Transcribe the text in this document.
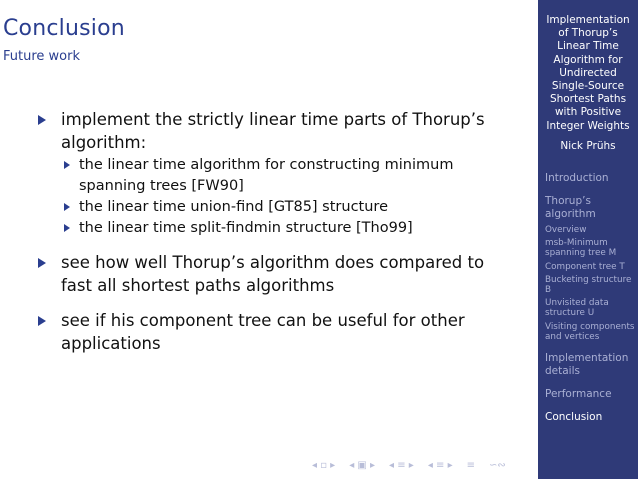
Conclusion
Future work
implement the strictly linear time parts of Thorup’s algorithm:
the linear time algorithm for constructing minimum spanning trees [FW90]
the linear time union-find [GT85] structure
the linear time split-findmin structure [Tho99]
see how well Thorup’s algorithm does compared to fast all shortest paths algorithms
see if his component tree can be useful for other applications
◂ ▫ ▸ ◂ ▣ ▸ ◂ ≡ ▸ ◂ ≡ ▸ ≡ ∽∾
Implementation of Thorup’s Linear Time Algorithm for Undirected Single-Source Shortest Paths with Positive Integer Weights
Nick Prühs
Introduction
Thorup’s algorithm
Overview
msb-Minimum spanning tree M
Component tree T
Bucketing structure B
Unvisited data structure U
Visiting components and vertices
Implementation details
Performance
Conclusion
